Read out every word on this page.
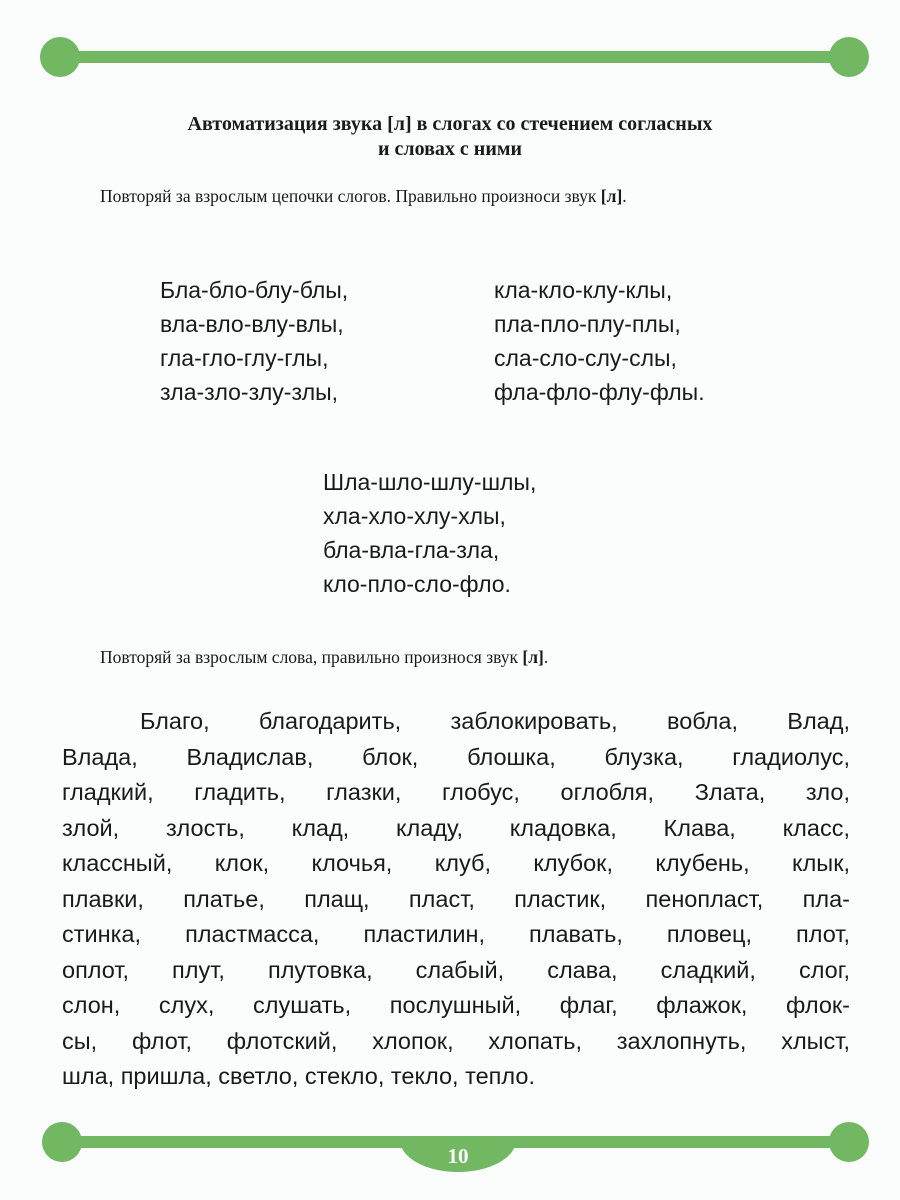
Автоматизация звука [л] в слогах со стечением согласных
и словах с ними
Повторяй за взрослым цепочки слогов. Правильно произноси звук [л].
Бла-бло-блу-блы,
вла-вло-влу-влы,
гла-гло-глу-глы,
зла-зло-злу-злы,
кла-кло-клу-клы,
пла-пло-плу-плы,
сла-сло-слу-слы,
фла-фло-флу-флы.
Шла-шло-шлу-шлы,
хла-хло-хлу-хлы,
бла-вла-гла-зла,
кло-пло-сло-фло.
Повторяй за взрослым слова, правильно произнося звук [л].
Благо, благодарить, заблокировать, вобла, Влад,
Влада, Владислав, блок, блошка, блузка, гладиолус,
гладкий, гладить, глазки, глобус, оглобля, Злата, зло,
злой, злость, клад, кладу, кладовка, Клава, класс,
классный, клок, клочья, клуб, клубок, клубень, клык,
плавки, платье, плащ, пласт, пластик, пенопласт, пла-
стинка, пластмасса, пластилин, плавать, пловец, плот,
оплот, плут, плутовка, слабый, слава, сладкий, слог,
слон, слух, слушать, послушный, флаг, флажок, флок-
сы, флот, флотский, хлопок, хлопать, захлопнуть, хлыст,
шла, пришла, светло, стекло, текло, тепло.
10
